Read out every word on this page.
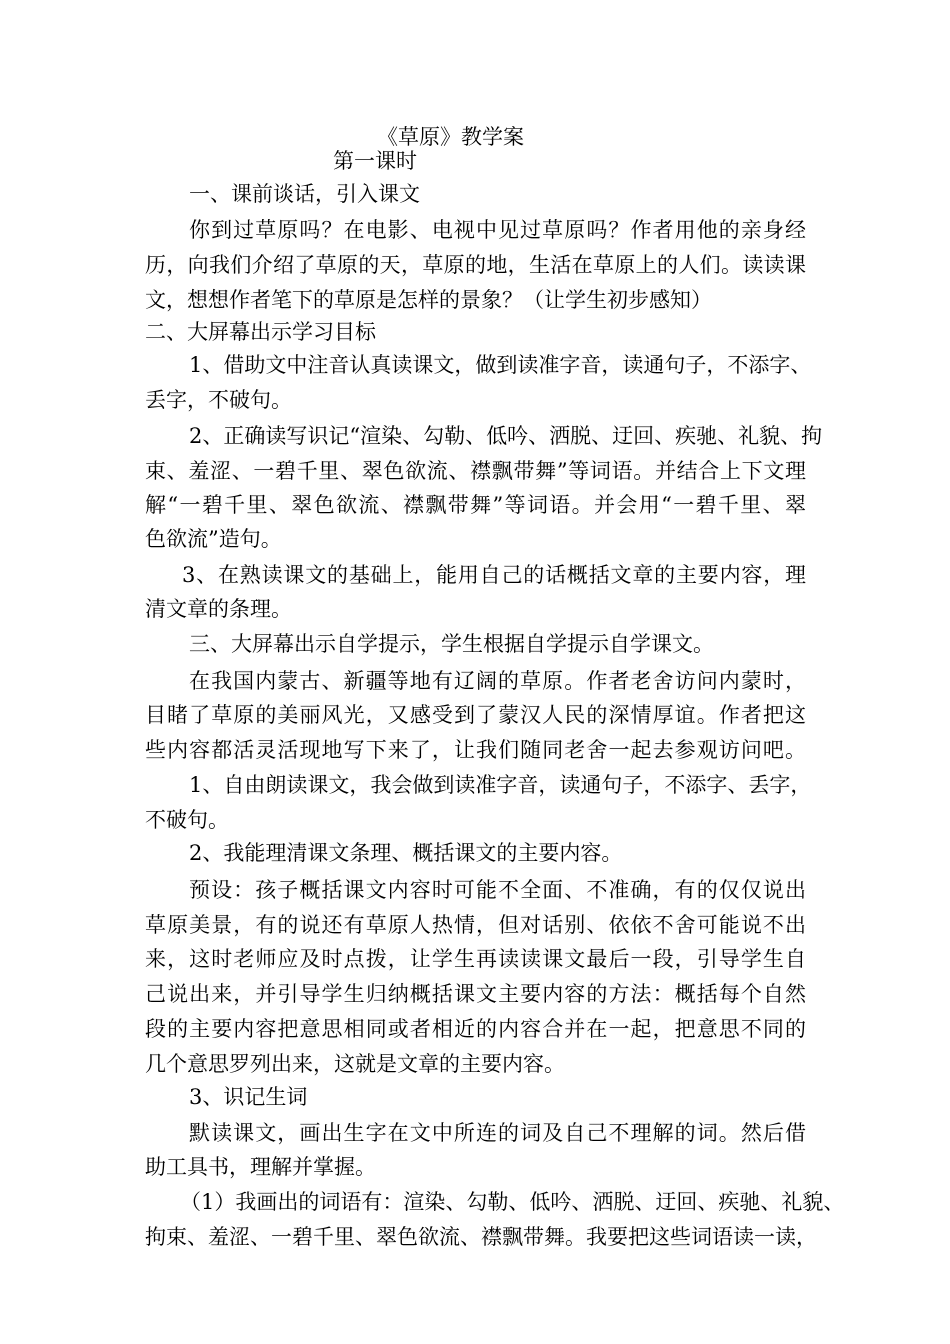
《草原》教学案

第一课时

一、课前谈话，引入课文

你到过草原吗？在电影、电视中见过草原吗？作者用他的亲身经

历，向我们介绍了草原的天，草原的地，生活在草原上的人们。读读课

文，想想作者笔下的草原是怎样的景象？（让学生初步感知）

二、大屏幕出示学习目标

1、借助文中注音认真读课文，做到读准字音，读通句子，不添字、

丢字，不破句。

2、正确读写识记“渲染、勾勒、低吟、洒脱、迂回、疾驰、礼貌、拘

束、羞涩、一碧千里、翠色欲流、襟飘带舞”等词语。并结合上下文理

解“一碧千里、翠色欲流、襟飘带舞”等词语。并会用“一碧千里、翠

色欲流”造句。

3、在熟读课文的基础上，能用自己的话概括文章的主要内容，理

清文章的条理。

三、大屏幕出示自学提示，学生根据自学提示自学课文。

在我国内蒙古、新疆等地有辽阔的草原。作者老舍访问内蒙时，

目睹了草原的美丽风光，又感受到了蒙汉人民的深情厚谊。作者把这

些内容都活灵活现地写下来了，让我们随同老舍一起去参观访问吧。

1、自由朗读课文，我会做到读准字音，读通句子，不添字、丢字，

不破句。

2、我能理清课文条理、概括课文的主要内容。

预设：孩子概括课文内容时可能不全面、不准确，有的仅仅说出

草原美景，有的说还有草原人热情，但对话别、依依不舍可能说不出

来，这时老师应及时点拨，让学生再读读课文最后一段，引导学生自

己说出来，并引导学生归纳概括课文主要内容的方法：概括每个自然

段的主要内容把意思相同或者相近的内容合并在一起，把意思不同的

几个意思罗列出来，这就是文章的主要内容。

3、识记生词

默读课文，画出生字在文中所连的词及自己不理解的词。然后借

助工具书，理解并掌握。

（1）我画出的词语有：渲染、勾勒、低吟、洒脱、迂回、疾驰、礼貌、

拘束、羞涩、一碧千里、翠色欲流、襟飘带舞。我要把这些词语读一读，
